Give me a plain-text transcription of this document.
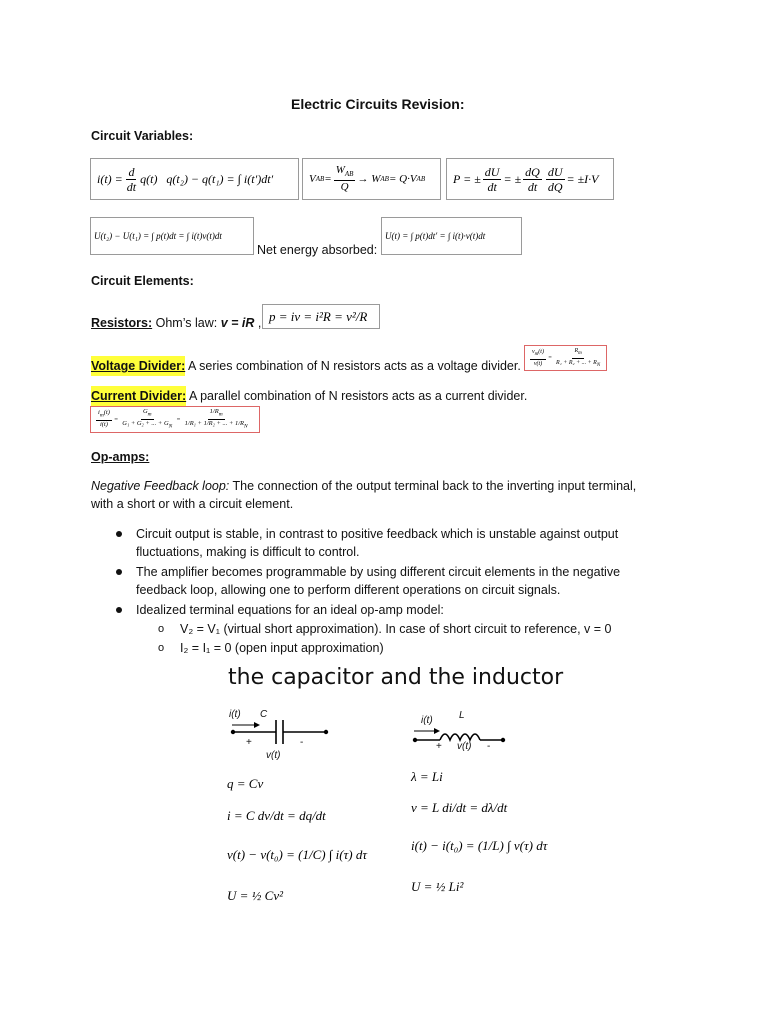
Electric Circuits Revision:
Circuit Variables:
$i(t) = \frac{d}{dt} q(t) q(t_2) - q(t_1)$ = ∫ i(t′)dt′	V AB = $\frac{W_{AB}}{Q} \to W$ AB = Q·V AB	P = ± $\frac{dU}{dt}$ = ± $\frac{dQ}{dt} \frac{dU}{dQ} = \pm I\cdot V$
U(t₂) − U(t₁) = ∫ p(t)dt = ∫ i(t)v(t)dt
Net energy absorbed:
U(t) = ∫ p(t)dt′ = ∫ i(t)·v(t)dt
Circuit Elements:
Resistors: Ohm’s law: v = iR , p = iv = i²R = v²/R
Voltage Divider: A series combination of N resistors acts as a voltage divider. $\frac{v_m(t)}{v(t)} = \frac{R_m}{R_1 + R_2 + ... + R_N}$
Current Divider: A parallel combination of N resistors acts as a current divider.
$\frac{i_m(t)}{i(t)} = \frac{G_m}{G_1 + G_2 + ... + G_N} = \frac{1/R_m}{1/R_1 + 1/R_2 + ... + 1/R_N}$
Op-amps:
Negative Feedback loop: The connection of the output terminal back to the inverting input terminal,
with a short or with a circuit element.
Circuit output is stable, in contrast to positive feedback which is unstable against output
fluctuations, making is difficult to control.
The amplifier becomes programmable by using different circuit elements in the negative
feedback loop, allowing one to perform different operations on circuit signals.
Idealized terminal equations for an ideal op-amp model:
o V₂ = V₁ (virtual short approximation). In case of short circuit to reference, v = 0
o I₂ = I₁ = 0 (open input approximation)
the capacitor and the inductor
i(t) C
+	-
v(t)
i(t)	L
+ v(t) -
q = Cv
i = C dv/dt = dq/dt
v(t) − v(t₀) = (1/C) ∫ i(τ) dτ
U = ½ Cv²
λ = Li
v = L di/dt = dλ/dt
i(t) − i(t₀) = (1/L) ∫ v(τ) dτ
U = ½ Li²
